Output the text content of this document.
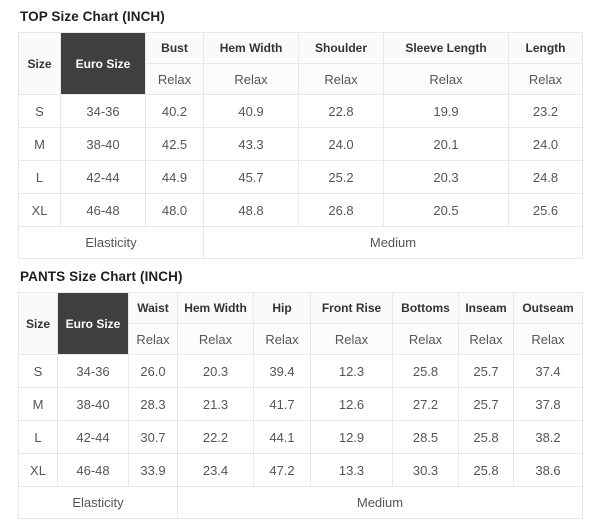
TOP Size Chart (INCH)
Size	Euro Size	Bust	Hem Width	Shoulder	Sleeve Length	Length
		Relax	Relax	Relax	Relax	Relax
S	34-36	40.2	40.9	22.8	19.9	23.2
M	38-40	42.5	43.3	24.0	20.1	24.0
L	42-44	44.9	45.7	25.2	20.3	24.8
XL	46-48	48.0	48.8	26.8	20.5	25.6
Elasticity			Medium			
PANTS Size Chart (INCH)
Size	Euro Size	Waist	Hem Width	Hip	Front Rise	Bottoms	Inseam	Outseam
		Relax	Relax	Relax	Relax	Relax	Relax	Relax
S	34-36	26.0	20.3	39.4	12.3	25.8	25.7	37.4
M	38-40	28.3	21.3	41.7	12.6	27.2	25.7	37.8
L	42-44	30.7	22.2	44.1	12.9	28.5	25.8	38.2
XL	46-48	33.9	23.4	47.2	13.3	30.3	25.8	38.6
Elasticity			Medium					
